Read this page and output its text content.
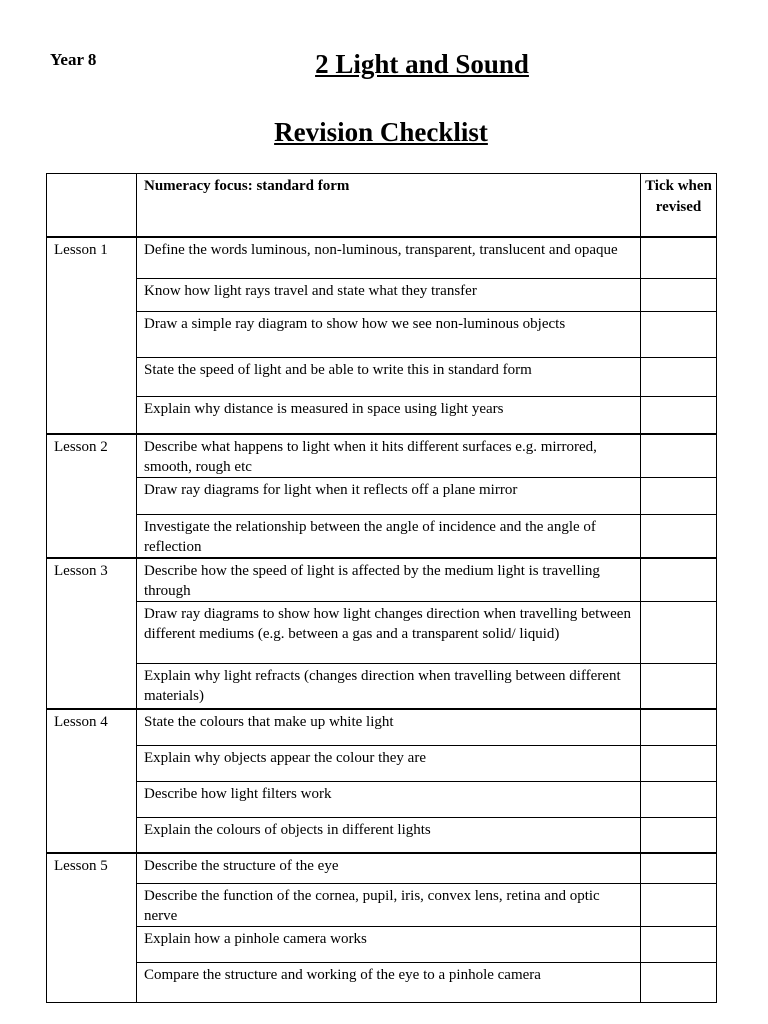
Year 8	2 Light and Sound
Revision Checklist
	Numeracy focus: standard form	Tick when revised
Lesson 1	Define the words luminous, non-luminous, transparent, translucent and opaque	
	Know how light rays travel and state what they transfer	
	Draw a simple ray diagram to show how we see non-luminous objects	
	State the speed of light and be able to write this in standard form	
	Explain why distance is measured in space using light years	
Lesson 2	Describe what happens to light when it hits different surfaces e.g. mirrored, smooth, rough etc	
	Draw ray diagrams for light when it reflects off a plane mirror	
	Investigate the relationship between the angle of incidence and the angle of reflection	
Lesson 3	Describe how the speed of light is affected by the medium light is travelling through	
	Draw ray diagrams to show how light changes direction when travelling between different mediums (e.g. between a gas and a transparent solid/ liquid)	
	Explain why light refracts (changes direction when travelling between different materials)	
Lesson 4	State the colours that make up white light	
	Explain why objects appear the colour they are	
	Describe how light filters work	
	Explain the colours of objects in different lights	
Lesson 5	Describe the structure of the eye	
	Describe the function of the cornea, pupil, iris, convex lens, retina and optic nerve	
	Explain how a pinhole camera works	
	Compare the structure and working of the eye to a pinhole camera	
